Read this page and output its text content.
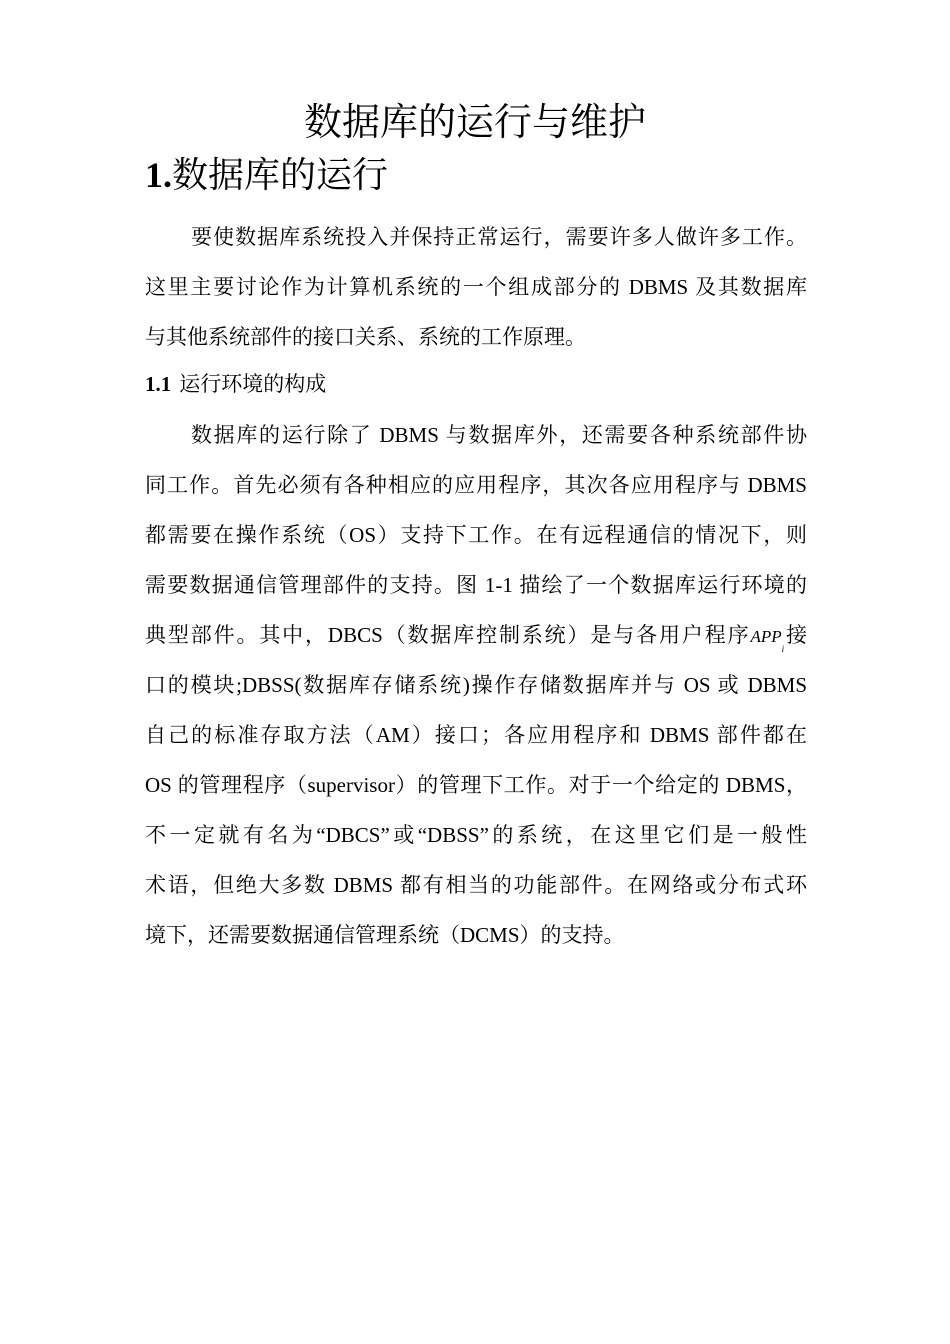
数据库的运行与维护
1.数据库的运行
要使数据库系统投入并保持正常运行，需要许多人做许多工作。
这里主要讨论作为计算机系统的一个组成部分的 DBMS 及其数据库
与其他系统部件的接口关系、系统的工作原理。
1.1 运行环境的构成
数据库的运行除了 DBMS 与数据库外，还需要各种系统部件协
同工作。首先必须有各种相应的应用程序，其次各应用程序与 DBMS
都需要在操作系统（OS）支持下工作。在有远程通信的情况下，则
需要数据通信管理部件的支持。图 1-1 描绘了一个数据库运行环境的
典型部件。其中，DBCS（数据库控制系统）是与各用户程序$APP_i$接
口的模块;DBSS(数据库存储系统)操作存储数据库并与 OS 或 DBMS
自己的标准存取方法（AM）接口；各应用程序和 DBMS 部件都在
OS 的管理程序（supervisor）的管理下工作。对于一个给定的 DBMS，
不一定就有名为“DBCS”或“DBSS”的系统，在这里它们是一般性
术语，但绝大多数 DBMS 都有相当的功能部件。在网络或分布式环
境下，还需要数据通信管理系统（DCMS）的支持。
